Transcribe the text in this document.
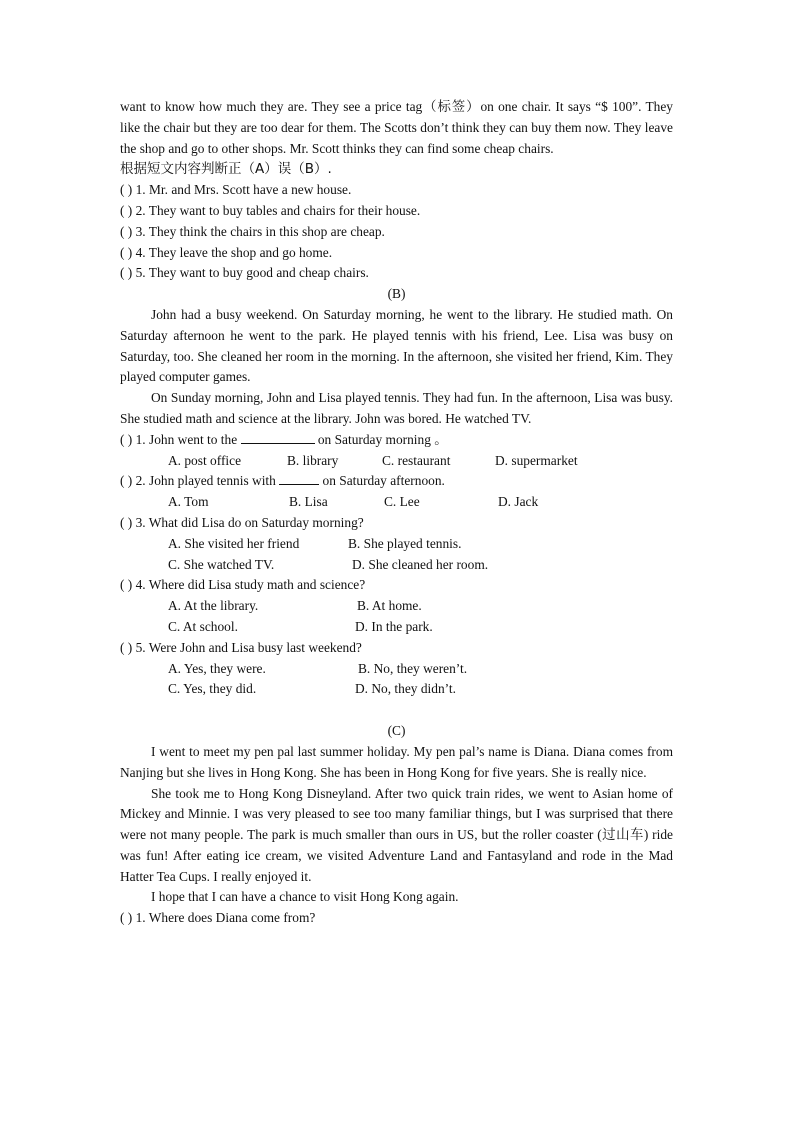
want to know how much they are. They see a price tag（标签）on one chair. It says “$ 100”. They like the chair but they are too dear for them. The Scotts don’t think they can buy them now. They leave the shop and go to other shops. Mr. Scott thinks they can find some cheap chairs.

根据短文内容判断正（A）误（B）.

( ) 1. Mr. and Mrs. Scott have a new house.

( ) 2. They want to buy tables and chairs for their house.

( ) 3. They think the chairs in this shop are cheap.

( ) 4. They leave the shop and go home.

( ) 5. They want to buy good and cheap chairs.

(B)

John had a busy weekend. On Saturday morning, he went to the library. He studied math. On Saturday afternoon he went to the park. He played tennis with his friend, Lee. Lisa was busy on Saturday, too. She cleaned her room in the morning. In the afternoon, she visited her friend, Kim. They played computer games.

On Sunday morning, John and Lisa played tennis. They had fun. In the afternoon, Lisa was busy. She studied math and science at the library. John was bored. He watched TV.

( ) 1. John went to the	on Saturday morning 。

A. post office	B. library	C. restaurant	D. supermarket

( ) 2. John played tennis with	on Saturday afternoon.

A. Tom	B. Lisa	C. Lee	D. Jack

( ) 3. What did Lisa do on Saturday morning?

A. She visited her friend	B. She played tennis.
C. She watched TV.	D. She cleaned her room.

( ) 4. Where did Lisa study math and science?

A. At the library.	B. At home.
C. At school.	D. In the park.

( ) 5. Were John and Lisa busy last weekend?

A. Yes, they were.	B. No, they weren’t.
C. Yes, they did.	D. No, they didn’t.

(C)

I went to meet my pen pal last summer holiday. My pen pal’s name is Diana. Diana comes from Nanjing but she lives in Hong Kong. She has been in Hong Kong for five years. She is really nice.

She took me to Hong Kong Disneyland. After two quick train rides, we went to Asian home of Mickey and Minnie. I was very pleased to see too many familiar things, but I was surprised that there were not many people. The park is much smaller than ours in US, but the roller coaster (过山车) ride was fun! After eating ice cream, we visited Adventure Land and Fantasyland and rode in the Mad Hatter Tea Cups. I really enjoyed it.

I hope that I can have a chance to visit Hong Kong again.

( ) 1. Where does Diana come from?
